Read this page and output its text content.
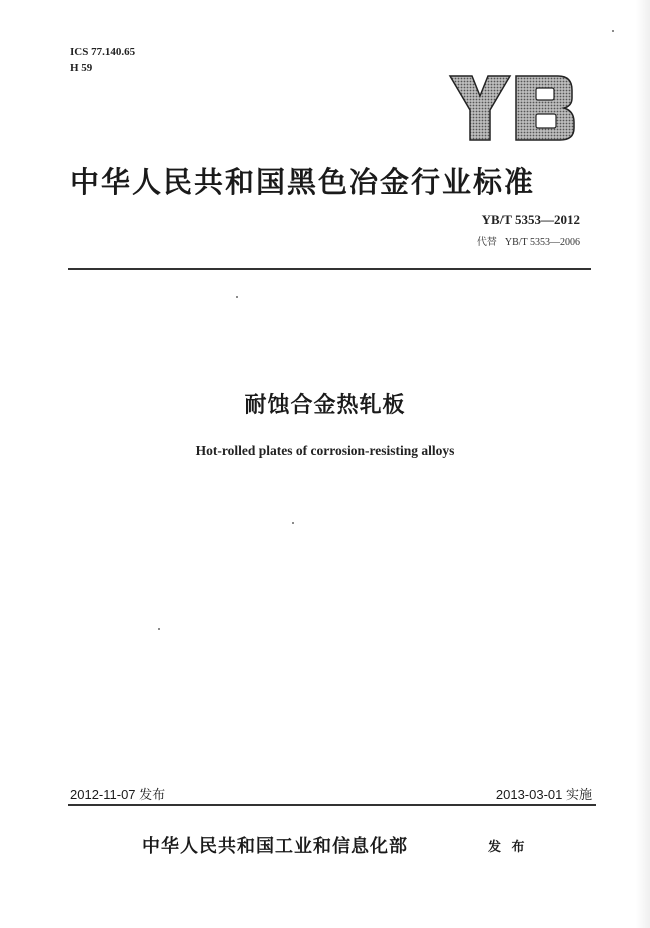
ICS 77.140.65
H 59
中华人民共和国黑色冶金行业标准
YB/T 5353—2012
代替 YB/T 5353—2006
耐蚀合金热轧板
Hot-rolled plates of corrosion-resisting alloys
2012-11-07 发布	2013-03-01 实施
中华人民共和国工业和信息化部	发 布
